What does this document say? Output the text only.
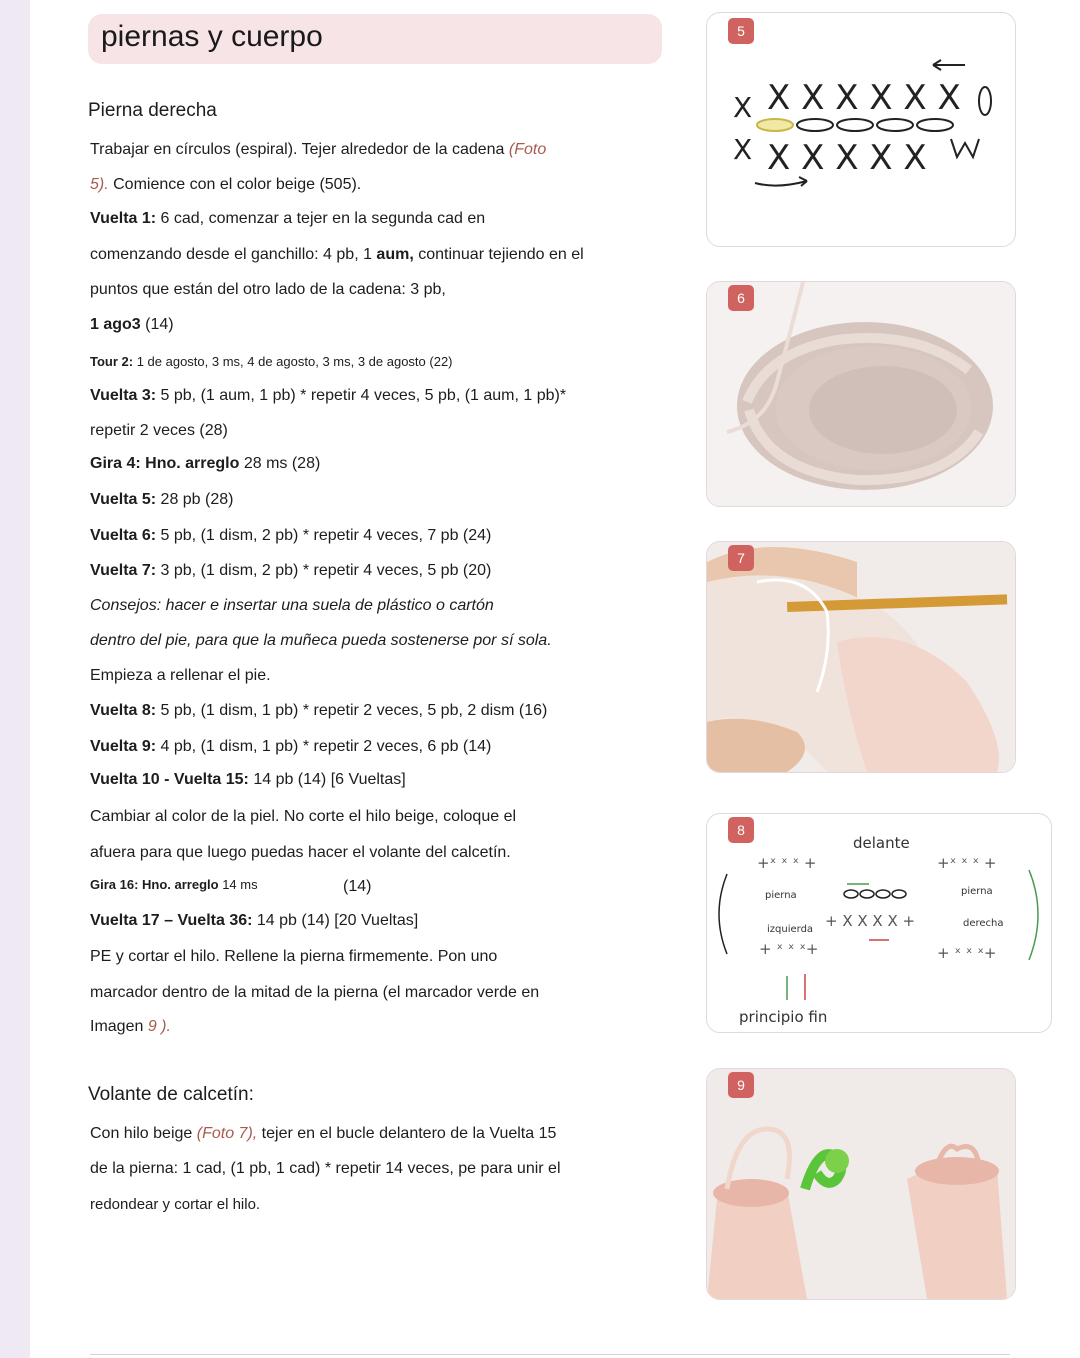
piernas y cuerpo
Pierna derecha
Trabajar en círculos (espiral). Tejer alrededor de la cadena (Foto
5). Comience con el color beige (505).
Vuelta 1: 6 cad, comenzar a tejer en la segunda cad en
comenzando desde el ganchillo: 4 pb, 1 aum, continuar tejiendo en el
puntos que están del otro lado de la cadena: 3 pb,
1 ago3 (14)
Tour 2: 1 de agosto, 3 ms, 4 de agosto, 3 ms, 3 de agosto (22)
Vuelta 3: 5 pb, (1 aum, 1 pb) * repetir 4 veces, 5 pb, (1 aum, 1 pb)*
repetir 2 veces (28)
Gira 4: Hno. arreglo 28 ms (28)
Vuelta 5: 28 pb (28)
Vuelta 6: 5 pb, (1 dism, 2 pb) * repetir 4 veces, 7 pb (24)
Vuelta 7: 3 pb, (1 dism, 2 pb) * repetir 4 veces, 5 pb (20)
Consejos: hacer e insertar una suela de plástico o cartón
dentro del pie, para que la muñeca pueda sostenerse por sí sola.
Empieza a rellenar el pie.
Vuelta 8: 5 pb, (1 dism, 1 pb) * repetir 2 veces, 5 pb, 2 dism (16)
Vuelta 9: 4 pb, (1 dism, 1 pb) * repetir 2 veces, 6 pb (14)
Vuelta 10 - Vuelta 15: 14 pb (14) [6 Vueltas]
Cambiar al color de la piel. No corte el hilo beige, coloque el
afuera para que luego puedas hacer el volante del calcetín.
Gira 16: Hno. arreglo 14 ms	(14)
Vuelta 17 – Vuelta 36: 14 pb (14) [20 Vueltas]
PE y cortar el hilo. Rellene la pierna firmemente. Pon uno
marcador dentro de la mitad de la pierna (el marcador verde en
Imagen 9 ).
Volante de calcetín:
Con hilo beige (Foto 7), tejer en el bucle delantero de la Vuelta 15
de la pierna: 1 cad, (1 pb, 1 cad) * repetir 14 veces, pe para unir el
redondear y cortar el hilo.
X X X X X X X
X X X X X X
5
6
7
delante
pierna
izquierda
pierna
derecha
principio fin
+ˣ ˣ ˣ +	+ˣ ˣ ˣ +
+ ˣ ˣ ˣ+	+ ˣ ˣ ˣ+
+ X X X X +
8
9
